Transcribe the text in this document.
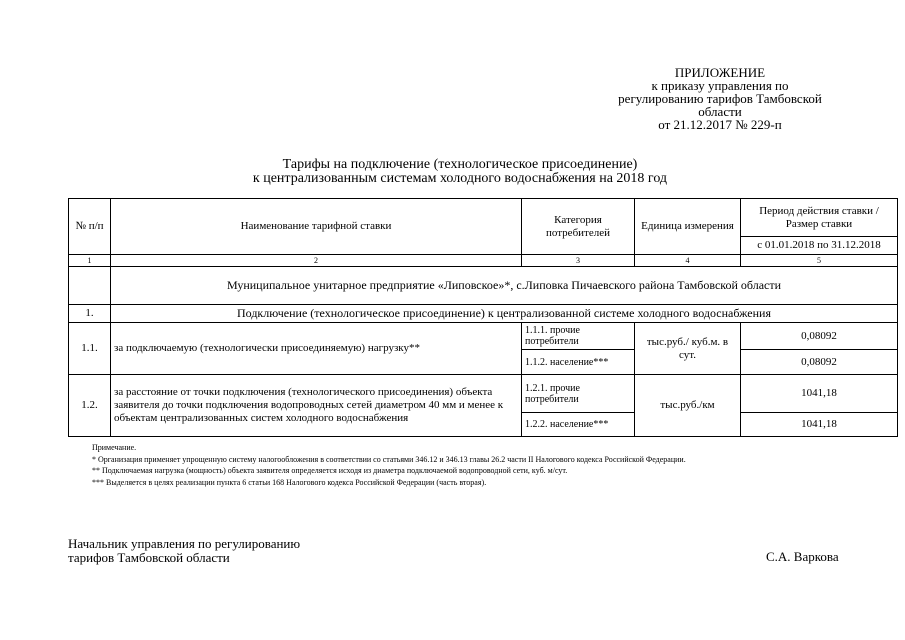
ПРИЛОЖЕНИЕ
к приказу управления по
регулированию тарифов Тамбовской
области
от 21.12.2017 № 229-п
Тарифы на подключение (технологическое присоединение)
к централизованным системам холодного водоснабжения на 2018 год
№ п/п	Наименование тарифной ставки	Категория потребителей	Единица измерения	Период действия ставки /Размер ставки
				с 01.01.2018 по 31.12.2018
1	2	3	4	5
	Муниципальное унитарное предприятие «Липовское»*, с.Липовка Пичаевского района Тамбовской области			
1.	Подключение (технологическое присоединение) к централизованной системе холодного водоснабжения			
1.1.	за подключаемую (технологически присоединяемую) нагрузку**	1.1.1. прочие потребители	тыс.руб./ куб.м. в сут.	0,08092
		1.1.2. население***		0,08092
1.2.	за расстояние от точки подключения (технологического присоединения) объекта заявителя до точки подключения водопроводных сетей диаметром 40 мм и менее к объектам централизованных систем холодного водоснабжения	1.2.1. прочие потребители	тыс.руб./км	1041,18
		1.2.2. население***		1041,18
Примечание.
* Организация применяет упрощенную систему налогообложения в соответствии со статьями 346.12 и 346.13 главы 26.2 части II Налогового кодекса Российской Федерации.
** Подключаемая нагрузка (мощность) объекта заявителя определяется исходя из диаметра подключаемой водопроводной сети, куб. м/сут.
*** Выделяется в целях реализации пункта 6 статьи 168 Налогового кодекса Российской Федерации (часть вторая).
Начальник управления по регулированию
тарифов Тамбовской области	С.А. Варкова
